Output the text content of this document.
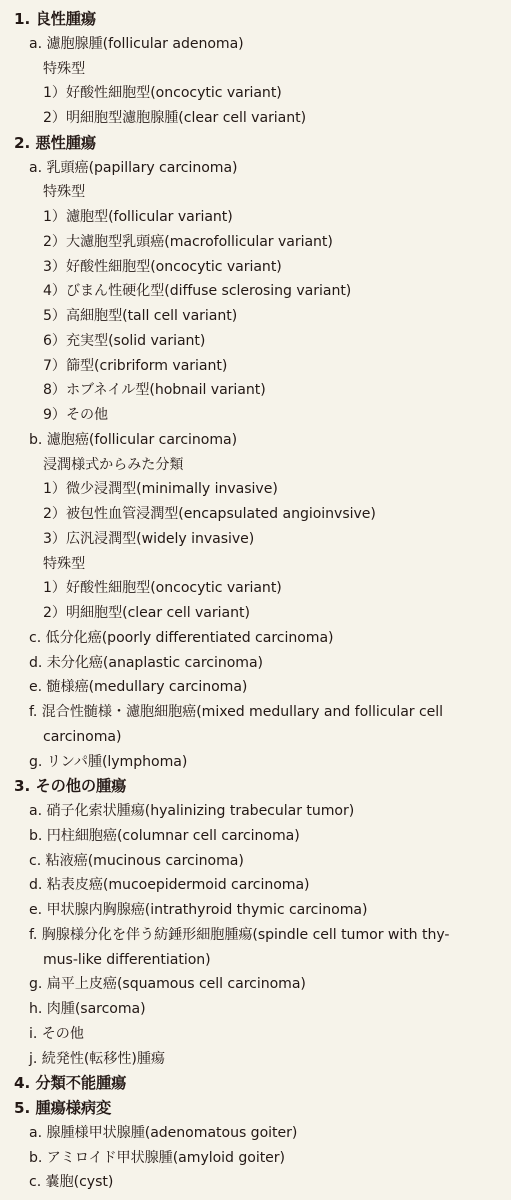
1. 良性腫瘍
a. 濾胞腺腫(follicular adenoma)
特殊型
1）好酸性細胞型(oncocytic variant)
2）明細胞型濾胞腺腫(clear cell variant)
2. 悪性腫瘍
a. 乳頭癌(papillary carcinoma)
特殊型
1）濾胞型(follicular variant)
2）大濾胞型乳頭癌(macrofollicular variant)
3）好酸性細胞型(oncocytic variant)
4）びまん性硬化型(diffuse sclerosing variant)
5）高細胞型(tall cell variant)
6）充実型(solid variant)
7）篩型(cribriform variant)
8）ホブネイル型(hobnail variant)
9）その他
b. 濾胞癌(follicular carcinoma)
浸潤様式からみた分類
1）微少浸潤型(minimally invasive)
2）被包性血管浸潤型(encapsulated angioinvsive)
3）広汎浸潤型(widely invasive)
特殊型
1）好酸性細胞型(oncocytic variant)
2）明細胞型(clear cell variant)
c. 低分化癌(poorly differentiated carcinoma)
d. 未分化癌(anaplastic carcinoma)
e. 髄様癌(medullary carcinoma)
f. 混合性髄様・濾胞細胞癌(mixed medullary and follicular cell
carcinoma)
g. リンパ腫(lymphoma)
3. その他の腫瘍
a. 硝子化索状腫瘍(hyalinizing trabecular tumor)
b. 円柱細胞癌(columnar cell carcinoma)
c. 粘液癌(mucinous carcinoma)
d. 粘表皮癌(mucoepidermoid carcinoma)
e. 甲状腺内胸腺癌(intrathyroid thymic carcinoma)
f. 胸腺様分化を伴う紡錘形細胞腫瘍(spindle cell tumor with thy-
mus-like differentiation)
g. 扁平上皮癌(squamous cell carcinoma)
h. 肉腫(sarcoma)
i. その他
j. 続発性(転移性)腫瘍
4. 分類不能腫瘍
5. 腫瘍様病変
a. 腺腫様甲状腺腫(adenomatous goiter)
b. アミロイド甲状腺腫(amyloid goiter)
c. 嚢胞(cyst)
